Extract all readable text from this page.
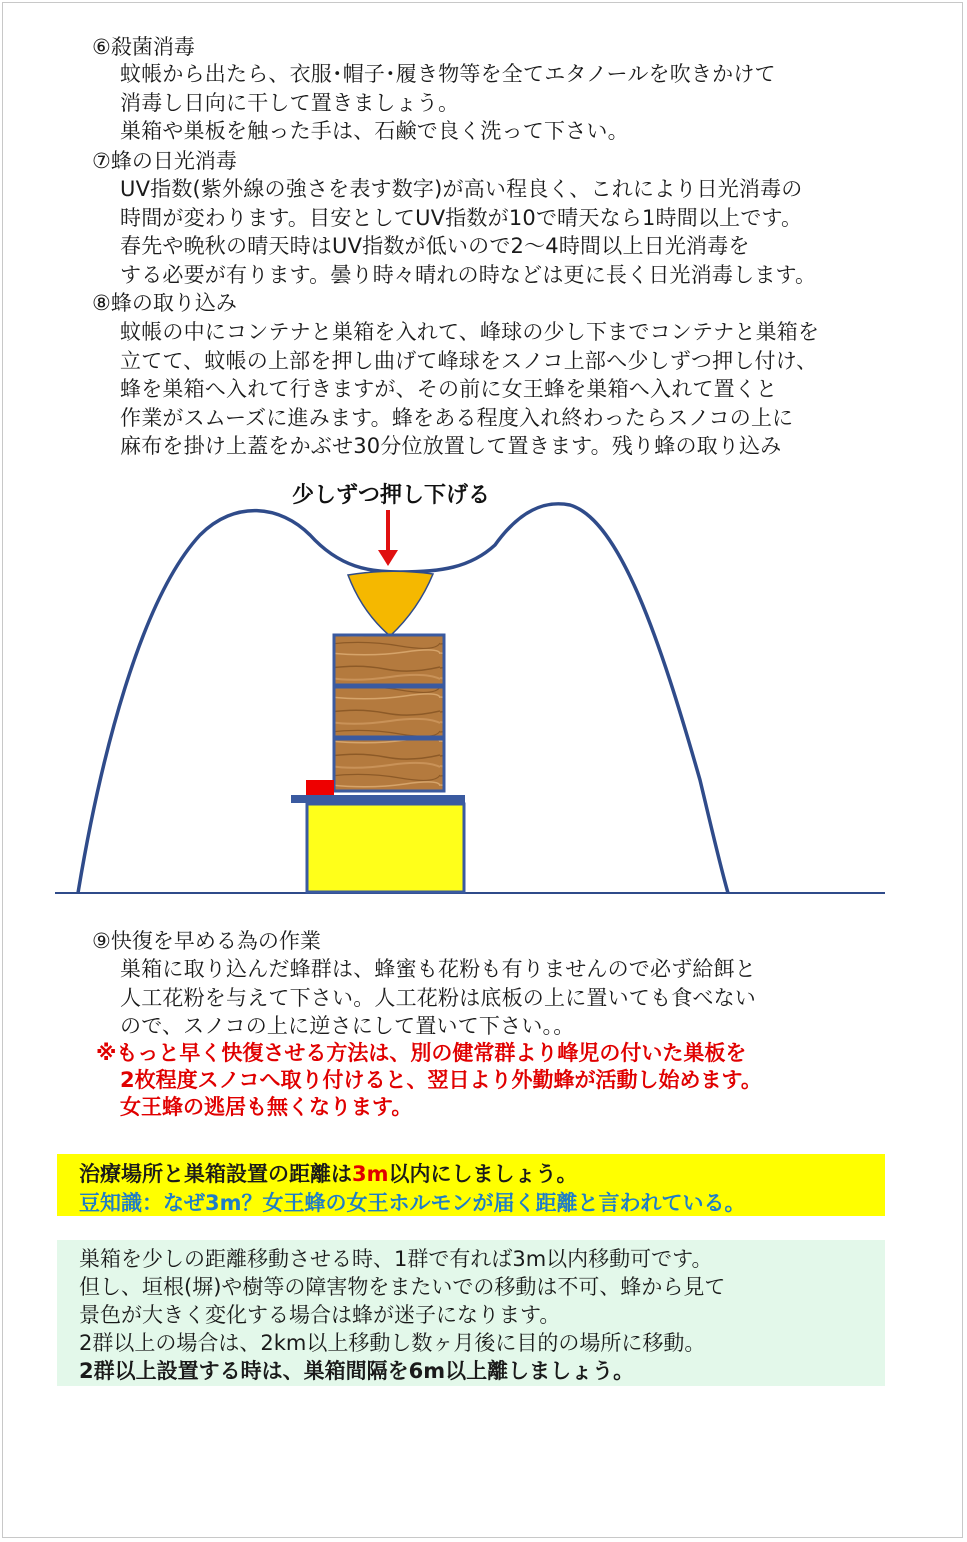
⑥殺菌消毒
蚊帳から出たら、衣服･帽子･履き物等を全てエタノールを吹きかけて
消毒し日向に干して置きましょう。
巣箱や巣板を触った手は、石鹸で良く洗って下さい。
⑦蜂の日光消毒
UV指数(紫外線の強さを表す数字)が高い程良く、これにより日光消毒の
時間が変わります。目安としてUV指数が10で晴天なら1時間以上です。
春先や晩秋の晴天時はUV指数が低いので2～4時間以上日光消毒を
する必要が有ります。曇り時々晴れの時などは更に長く日光消毒します。
⑧蜂の取り込み
蚊帳の中にコンテナと巣箱を入れて、峰球の少し下までコンテナと巣箱を
立てて、蚊帳の上部を押し曲げて峰球をスノコ上部へ少しずつ押し付け、
蜂を巣箱へ入れて行きますが、その前に女王蜂を巣箱へ入れて置くと
作業がスムーズに進みます。蜂をある程度入れ終わったらスノコの上に
麻布を掛け上蓋をかぶせ30分位放置して置きます。残り蜂の取り込み
少しずつ押し下げる
⑨快復を早める為の作業
巣箱に取り込んだ蜂群は、蜂蜜も花粉も有りませんので必ず給餌と
人工花粉を与えて下さい。人工花粉は底板の上に置いても食べない
ので、スノコの上に逆さにして置いて下さい。。
※もっと早く快復させる方法は、別の健常群より峰児の付いた巣板を
2枚程度スノコへ取り付けると、翌日より外勤蜂が活動し始めます。
女王蜂の逃居も無くなります。
治療場所と巣箱設置の距離は3m以内にしましょう。
豆知識：なぜ3m？女王蜂の女王ホルモンが届く距離と言われている。
巣箱を少しの距離移動させる時、1群で有れば3m以内移動可です。
但し、垣根(塀)や樹等の障害物をまたいでの移動は不可、蜂から見て
景色が大きく変化する場合は蜂が迷子になります。
2群以上の場合は、2km以上移動し数ヶ月後に目的の場所に移動。
2群以上設置する時は、巣箱間隔を6m以上離しましょう。
